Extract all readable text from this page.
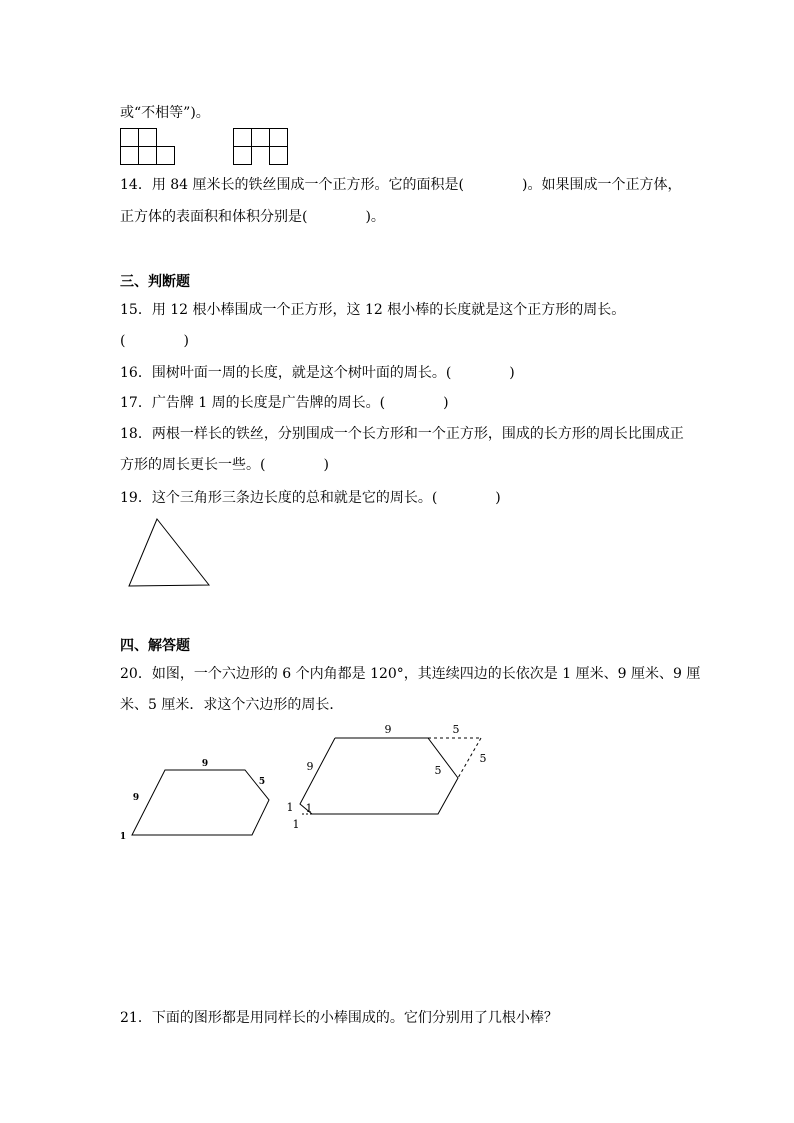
或“不相等”)。
14．用 84 厘米长的铁丝围成一个正方形。它的面积是(	)。如果围成一个正方体，
正方体的表面积和体积分别是(	)。
三、判断题
15．用 12 根小棒围成一个正方形，这 12 根小棒的长度就是这个正方形的周长。
(	)
16．围树叶面一周的长度，就是这个树叶面的周长。(	)
17．广告牌 1 周的长度是广告牌的周长。(	)
18．两根一样长的铁丝，分别围成一个长方形和一个正方形，围成的长方形的周长比围成正
方形的周长更长一些。(	)
19．这个三角形三条边长度的总和就是它的周长。(	)
四、解答题
20．如图，一个六边形的 6 个内角都是 120°，其连续四边的长依次是 1 厘米、9 厘米、9 厘
米、5 厘米．求这个六边形的周长．
9
9
5
1
9
9
5
5
5
1 1
1
21．下面的图形都是用同样长的小棒围成的。它们分别用了几根小棒？
